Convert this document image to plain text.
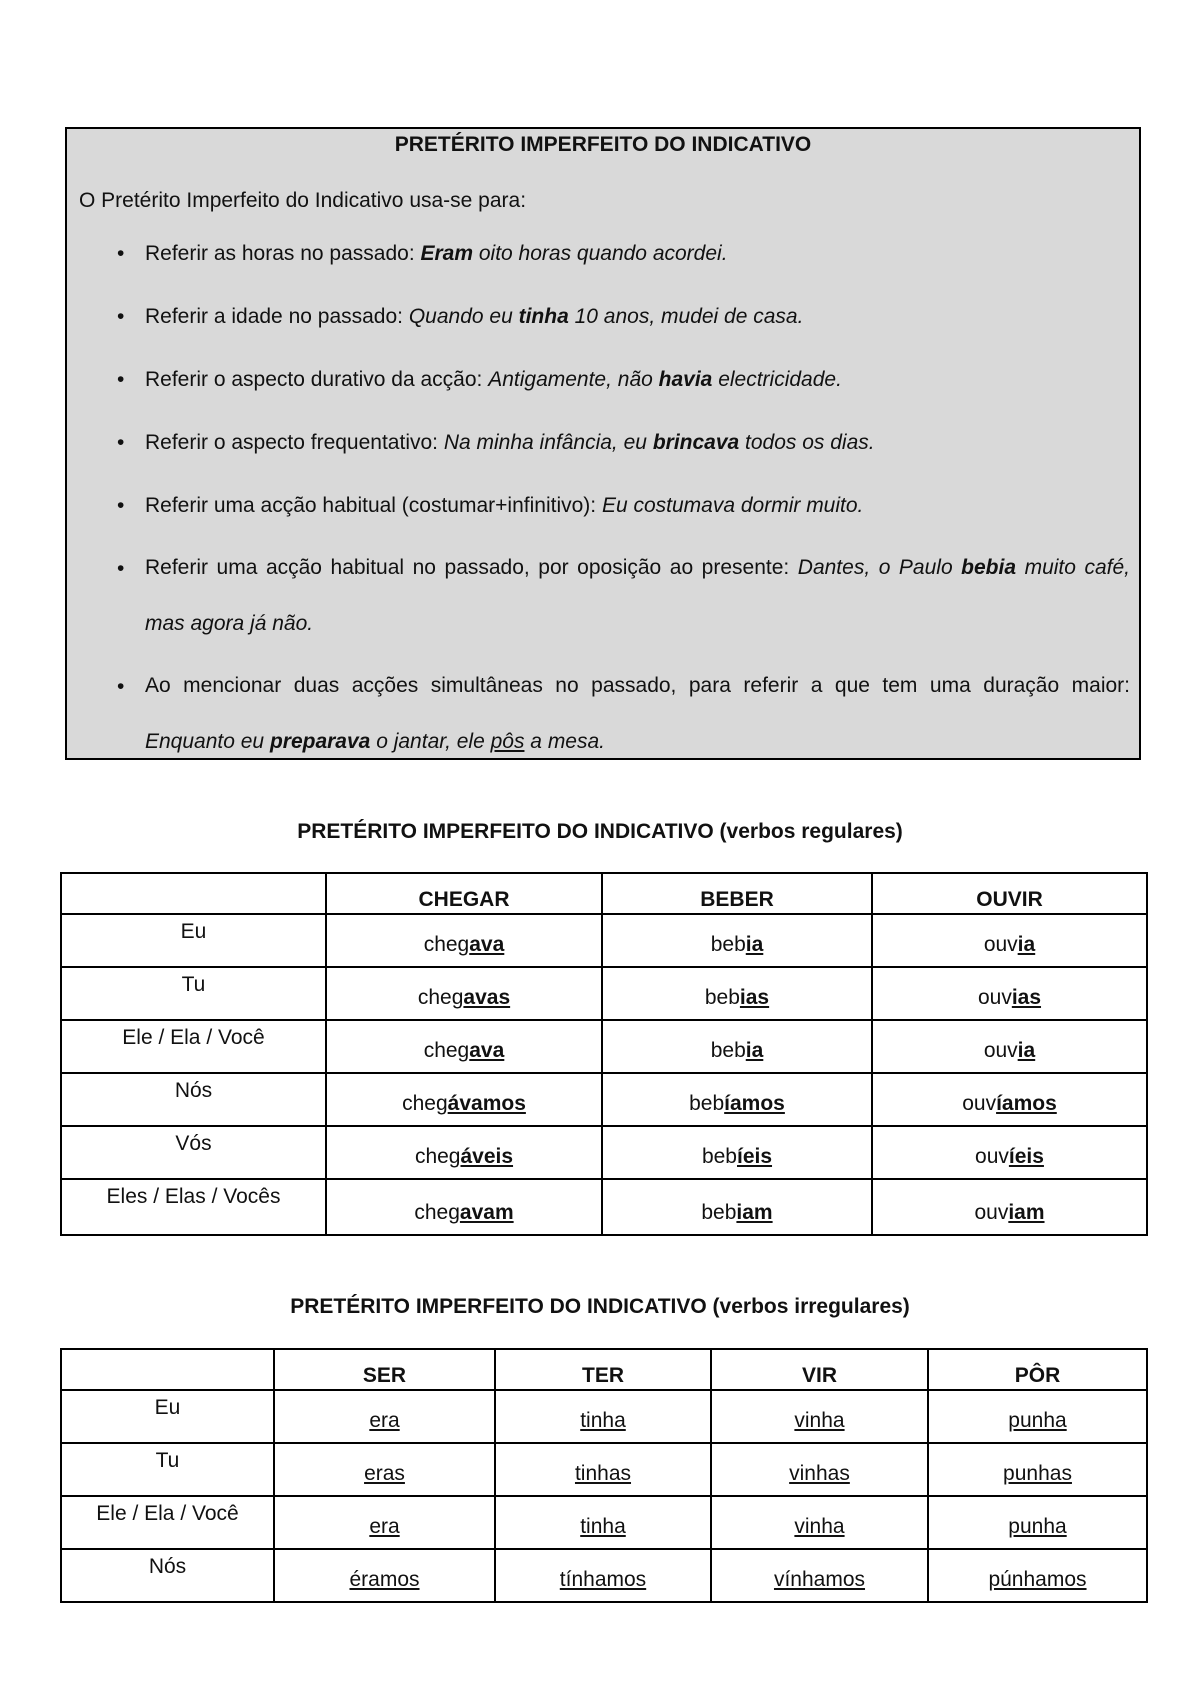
PRETÉRITO IMPERFEITO DO INDICATIVO
O Pretérito Imperfeito do Indicativo usa-se para:
• Referir as horas no passado: Eram oito horas quando acordei.
• Referir a idade no passado: Quando eu tinha 10 anos, mudei de casa.
• Referir o aspecto durativo da acção: Antigamente, não havia electricidade.
• Referir o aspecto frequentativo: Na minha infância, eu brincava todos os dias.
• Referir uma acção habitual (costumar+infinitivo): Eu costumava dormir muito.
• Referir uma acção habitual no passado, por oposição ao presente: Dantes, o Paulo bebia muito café, mas agora já não.
• Ao mencionar duas acções simultâneas no passado, para referir a que tem uma duração maior: Enquanto eu preparava o jantar, ele pôs a mesa.
PRETÉRITO IMPERFEITO DO INDICATIVO (verbos regulares)
	CHEGAR	BEBER	OUVIR
Eu	chegava	bebia	ouvia
Tu	chegavas	bebias	ouvias
Ele / Ela / Você	chegava	bebia	ouvia
Nós	chegávamos	bebíamos	ouvíamos
Vós	chegáveis	bebíeis	ouvíeis
Eles / Elas / Vocês	chegavam	bebiam	ouviam
PRETÉRITO IMPERFEITO DO INDICATIVO (verbos irregulares)
	SER	TER	VIR	PÔR
Eu	era	tinha	vinha	punha
Tu	eras	tinhas	vinhas	punhas
Ele / Ela / Você	era	tinha	vinha	punha
Nós	éramos	tínhamos	vínhamos	púnhamos
